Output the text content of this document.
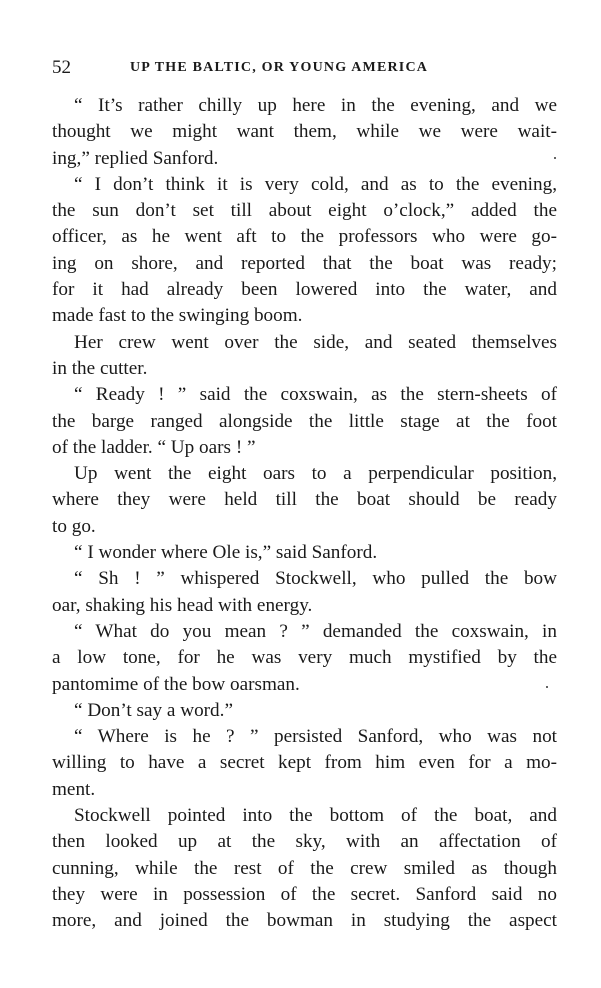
52	UP THE BALTIC, OR YOUNG AMERICA
“ It’s rather chilly up here in the evening, and we
thought we might want them, while we were wait-
ing,” replied Sanford.
“ I don’t think it is very cold, and as to the evening,
the sun don’t set till about eight o’clock,” added the
officer, as he went aft to the professors who were go-
ing on shore, and reported that the boat was ready;
for it had already been lowered into the water, and
made fast to the swinging boom.
Her crew went over the side, and seated themselves
in the cutter.
“ Ready ! ” said the coxswain, as the stern-sheets of
the barge ranged alongside the little stage at the foot
of the ladder. “ Up oars ! ”
Up went the eight oars to a perpendicular position,
where they were held till the boat should be ready
to go.
“ I wonder where Ole is,” said Sanford.
“ Sh ! ” whispered Stockwell, who pulled the bow
oar, shaking his head with energy.
“ What do you mean ? ” demanded the coxswain, in
a low tone, for he was very much mystified by the
pantomime of the bow oarsman.
“ Don’t say a word.”
“ Where is he ? ” persisted Sanford, who was not
willing to have a secret kept from him even for a mo-
ment.
Stockwell pointed into the bottom of the boat, and
then looked up at the sky, with an affectation of
cunning, while the rest of the crew smiled as though
they were in possession of the secret. Sanford said no
more, and joined the bowman in studying the aspect
